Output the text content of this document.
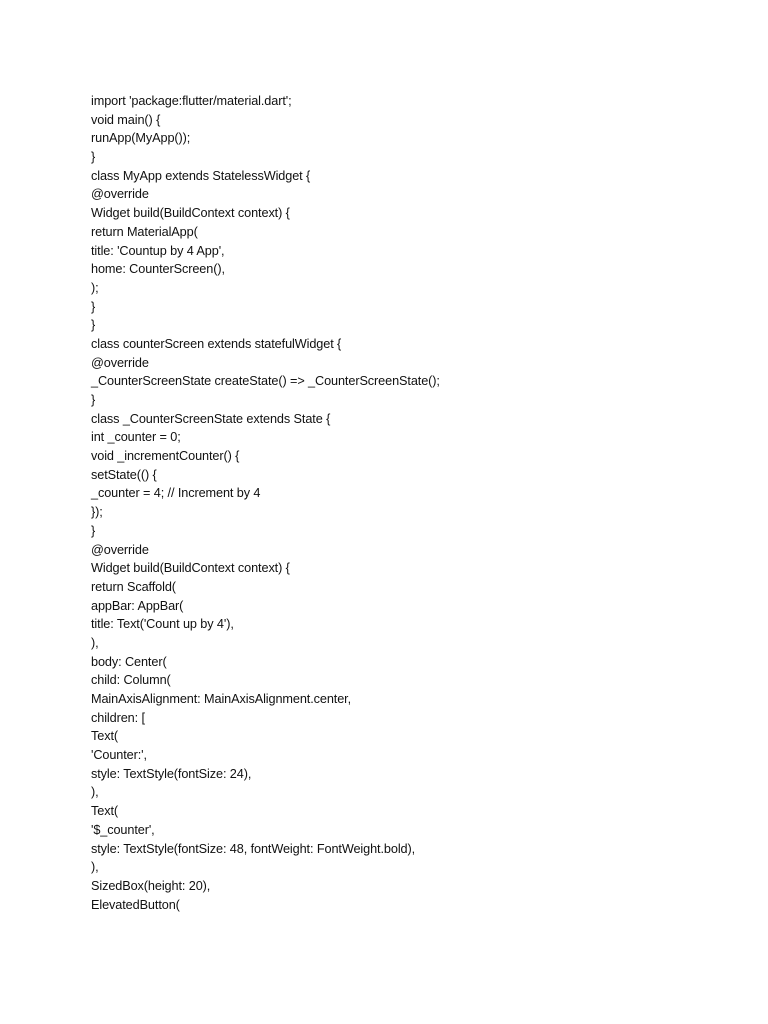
import 'package:flutter/material.dart';
void main() {
runApp(MyApp());
}
class MyApp extends StatelessWidget {
@override
Widget build(BuildContext context) {
return MaterialApp(
title: 'Countup by 4 App',
home: CounterScreen(),
);
}
}
class counterScreen extends statefulWidget {
@override
_CounterScreenState createState() => _CounterScreenState();
}
class _CounterScreenState extends State {
int _counter = 0;
void _incrementCounter() {
setState(() {
_counter = 4; // Increment by 4
});
}
@override
Widget build(BuildContext context) {
return Scaffold(
appBar: AppBar(
title: Text('Count up by 4'),
),
body: Center(
child: Column(
MainAxisAlignment: MainAxisAlignment.center,
children: [
Text(
'Counter:',
style: TextStyle(fontSize: 24),
),
Text(
'$_counter',
style: TextStyle(fontSize: 48, fontWeight: FontWeight.bold),
),
SizedBox(height: 20),
ElevatedButton(
